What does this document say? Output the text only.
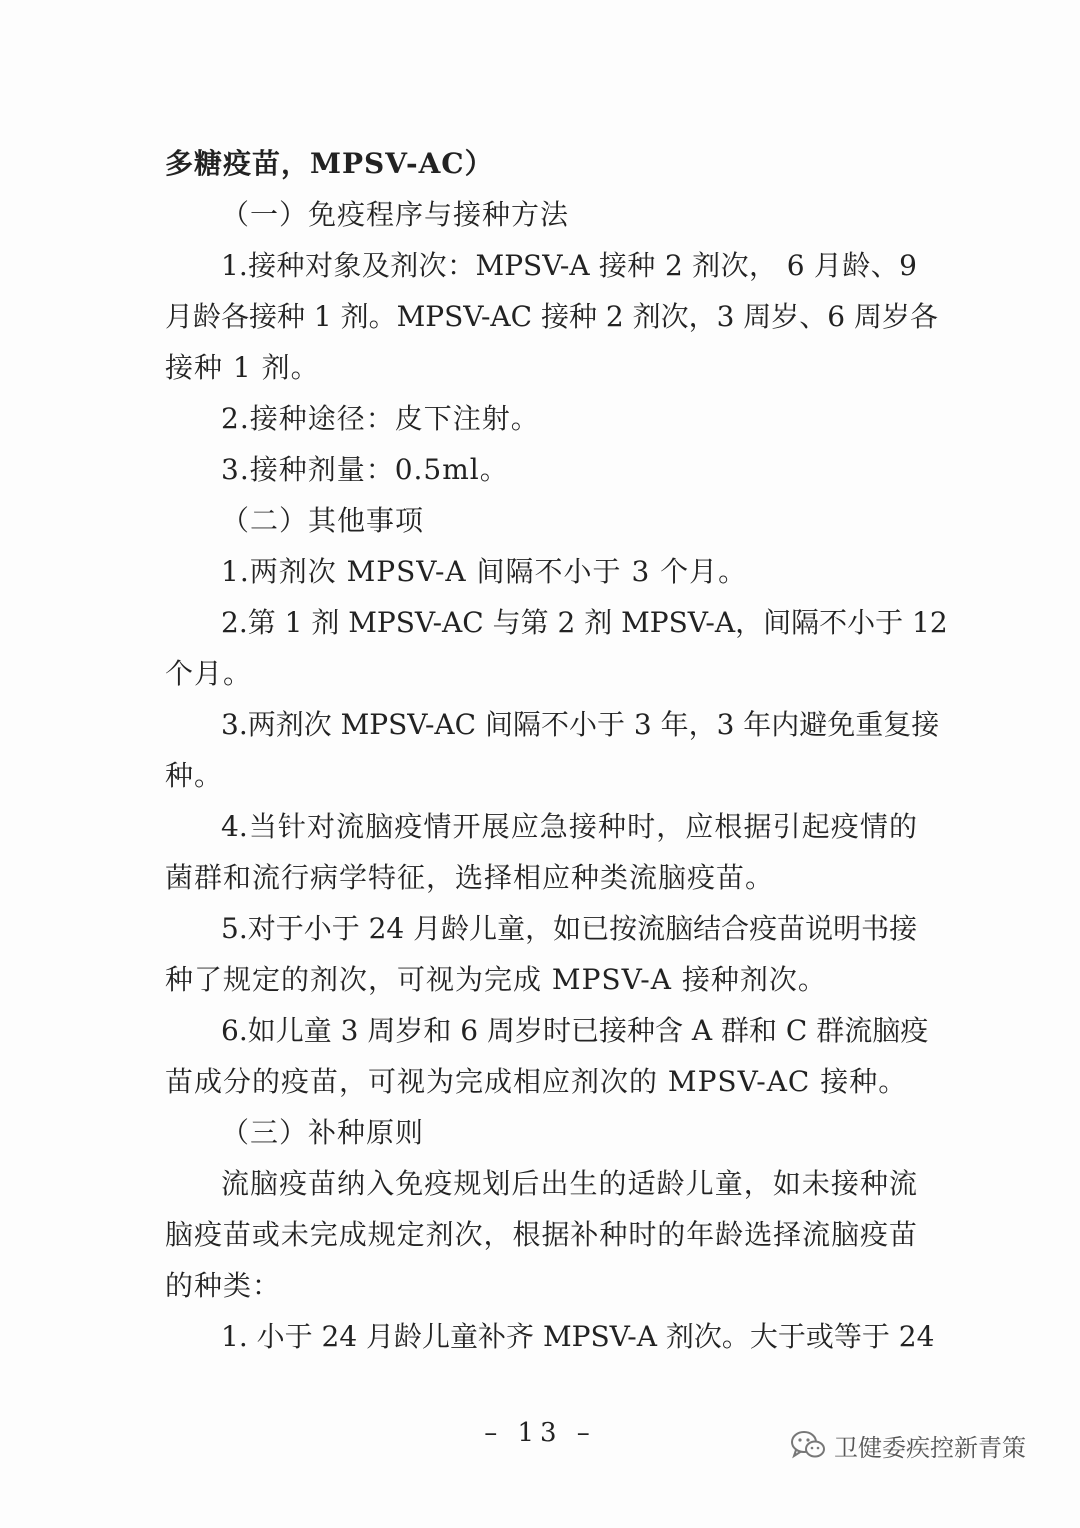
多糖疫苗，MPSV-AC）
（一）免疫程序与接种方法
1.接种对象及剂次：MPSV-A 接种 2 剂次， 6 月龄、9
月龄各接种 1 剂。MPSV-AC 接种 2 剂次，3 周岁、6 周岁各
接种 1 剂。
2.接种途径：皮下注射。
3.接种剂量：0.5ml。
（二）其他事项
1.两剂次 MPSV-A 间隔不小于 3 个月。
2.第 1 剂 MPSV-AC 与第 2 剂 MPSV-A，间隔不小于 12
个月。
3.两剂次 MPSV-AC 间隔不小于 3 年，3 年内避免重复接
种。
4.当针对流脑疫情开展应急接种时，应根据引起疫情的
菌群和流行病学特征，选择相应种类流脑疫苗。
5.对于小于 24 月龄儿童，如已按流脑结合疫苗说明书接
种了规定的剂次，可视为完成 MPSV-A 接种剂次。
6.如儿童 3 周岁和 6 周岁时已接种含 A 群和 C 群流脑疫
苗成分的疫苗，可视为完成相应剂次的 MPSV-AC 接种。
（三）补种原则
流脑疫苗纳入免疫规划后出生的适龄儿童，如未接种流
脑疫苗或未完成规定剂次，根据补种时的年龄选择流脑疫苗
的种类：
1. 小于 24 月龄儿童补齐 MPSV-A 剂次。大于或等于 24
– 13 –	卫健委疾控新青策
